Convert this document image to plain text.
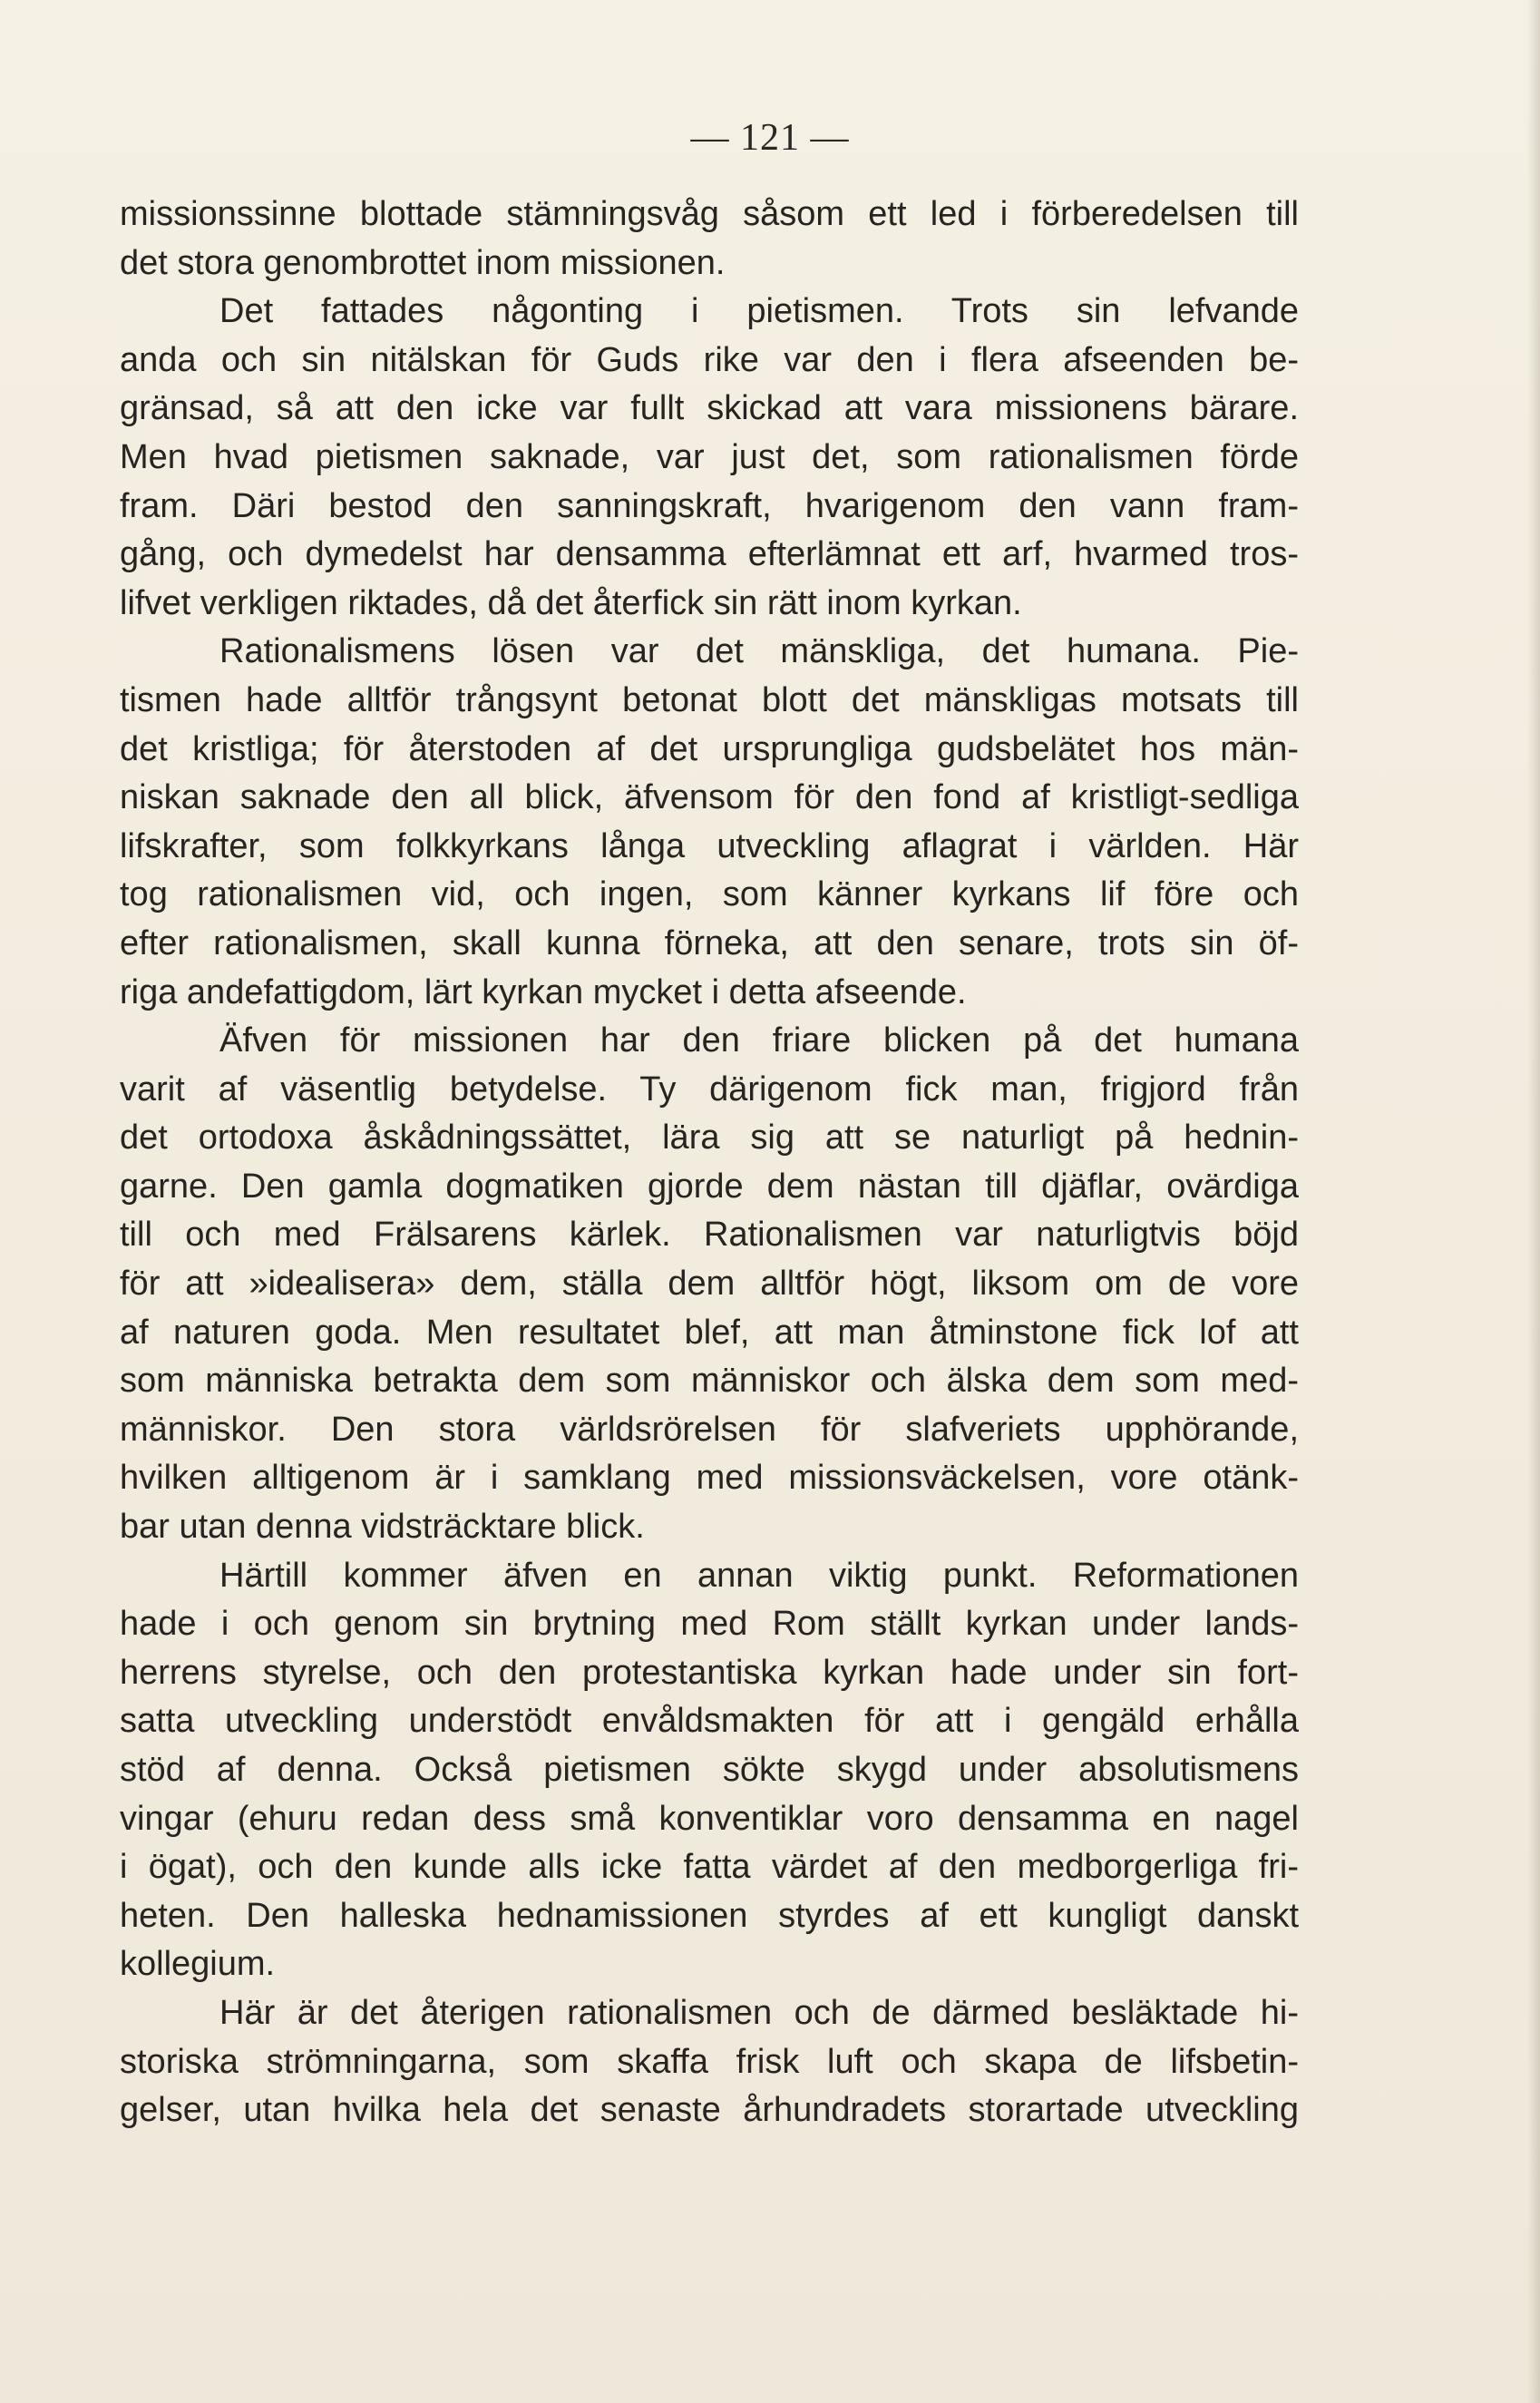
— 121 —
missionssinne blottade stämningsvåg såsom ett led i förberedelsen till
det stora genombrottet inom missionen.
Det fattades någonting i pietismen. Trots sin lefvande
anda och sin nitälskan för Guds rike var den i flera afseenden be-
gränsad, så att den icke var fullt skickad att vara missionens bärare.
Men hvad pietismen saknade, var just det, som rationalismen förde
fram. Däri bestod den sanningskraft, hvarigenom den vann fram-
gång, och dymedelst har densamma efterlämnat ett arf, hvarmed tros-
lifvet verkligen riktades, då det återfick sin rätt inom kyrkan.
Rationalismens lösen var det mänskliga, det humana. Pie-
tismen hade alltför trångsynt betonat blott det mänskligas motsats till
det kristliga; för återstoden af det ursprungliga gudsbelätet hos män-
niskan saknade den all blick, äfvensom för den fond af kristligt-sedliga
lifskrafter, som folkkyrkans långa utveckling aflagrat i världen. Här
tog rationalismen vid, och ingen, som känner kyrkans lif före och
efter rationalismen, skall kunna förneka, att den senare, trots sin öf-
riga andefattigdom, lärt kyrkan mycket i detta afseende.
Äfven för missionen har den friare blicken på det humana
varit af väsentlig betydelse. Ty därigenom fick man, frigjord från
det ortodoxa åskådningssättet, lära sig att se naturligt på hednin-
garne. Den gamla dogmatiken gjorde dem nästan till djäflar, ovärdiga
till och med Frälsarens kärlek. Rationalismen var naturligtvis böjd
för att »idealisera» dem, ställa dem alltför högt, liksom om de vore
af naturen goda. Men resultatet blef, att man åtminstone fick lof att
som människa betrakta dem som människor och älska dem som med-
människor. Den stora världsrörelsen för slafveriets upphörande,
hvilken alltigenom är i samklang med missionsväckelsen, vore otänk-
bar utan denna vidsträcktare blick.
Härtill kommer äfven en annan viktig punkt. Reformationen
hade i och genom sin brytning med Rom ställt kyrkan under lands-
herrens styrelse, och den protestantiska kyrkan hade under sin fort-
satta utveckling understödt envåldsmakten för att i gengäld erhålla
stöd af denna. Också pietismen sökte skygd under absolutismens
vingar (ehuru redan dess små konventiklar voro densamma en nagel
i ögat), och den kunde alls icke fatta värdet af den medborgerliga fri-
heten. Den halleska hednamissionen styrdes af ett kungligt danskt
kollegium.
Här är det återigen rationalismen och de därmed besläktade hi-
storiska strömningarna, som skaffa frisk luft och skapa de lifsbetin-
gelser, utan hvilka hela det senaste århundradets storartade utveckling
